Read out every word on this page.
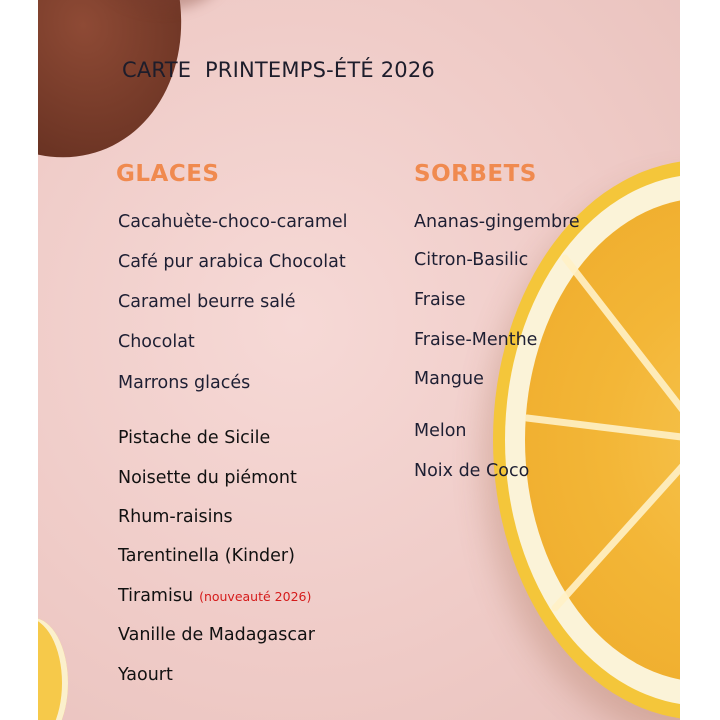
CARTE  PRINTEMPS-ÉTÉ 2026
GLACES	SORBETS
Cacahuète-choco-caramel
Café pur arabica Chocolat
Caramel beurre salé
Chocolat
Marrons glacés
Pistache de Sicile
Noisette du piémont
Rhum-raisins
Tarentinella (Kinder)
Tiramisu (nouveauté 2026)
Vanille de Madagascar
Yaourt
Ananas-gingembre
Citron-Basilic
Fraise
Fraise-Menthe
Mangue
Melon
Noix de Coco
